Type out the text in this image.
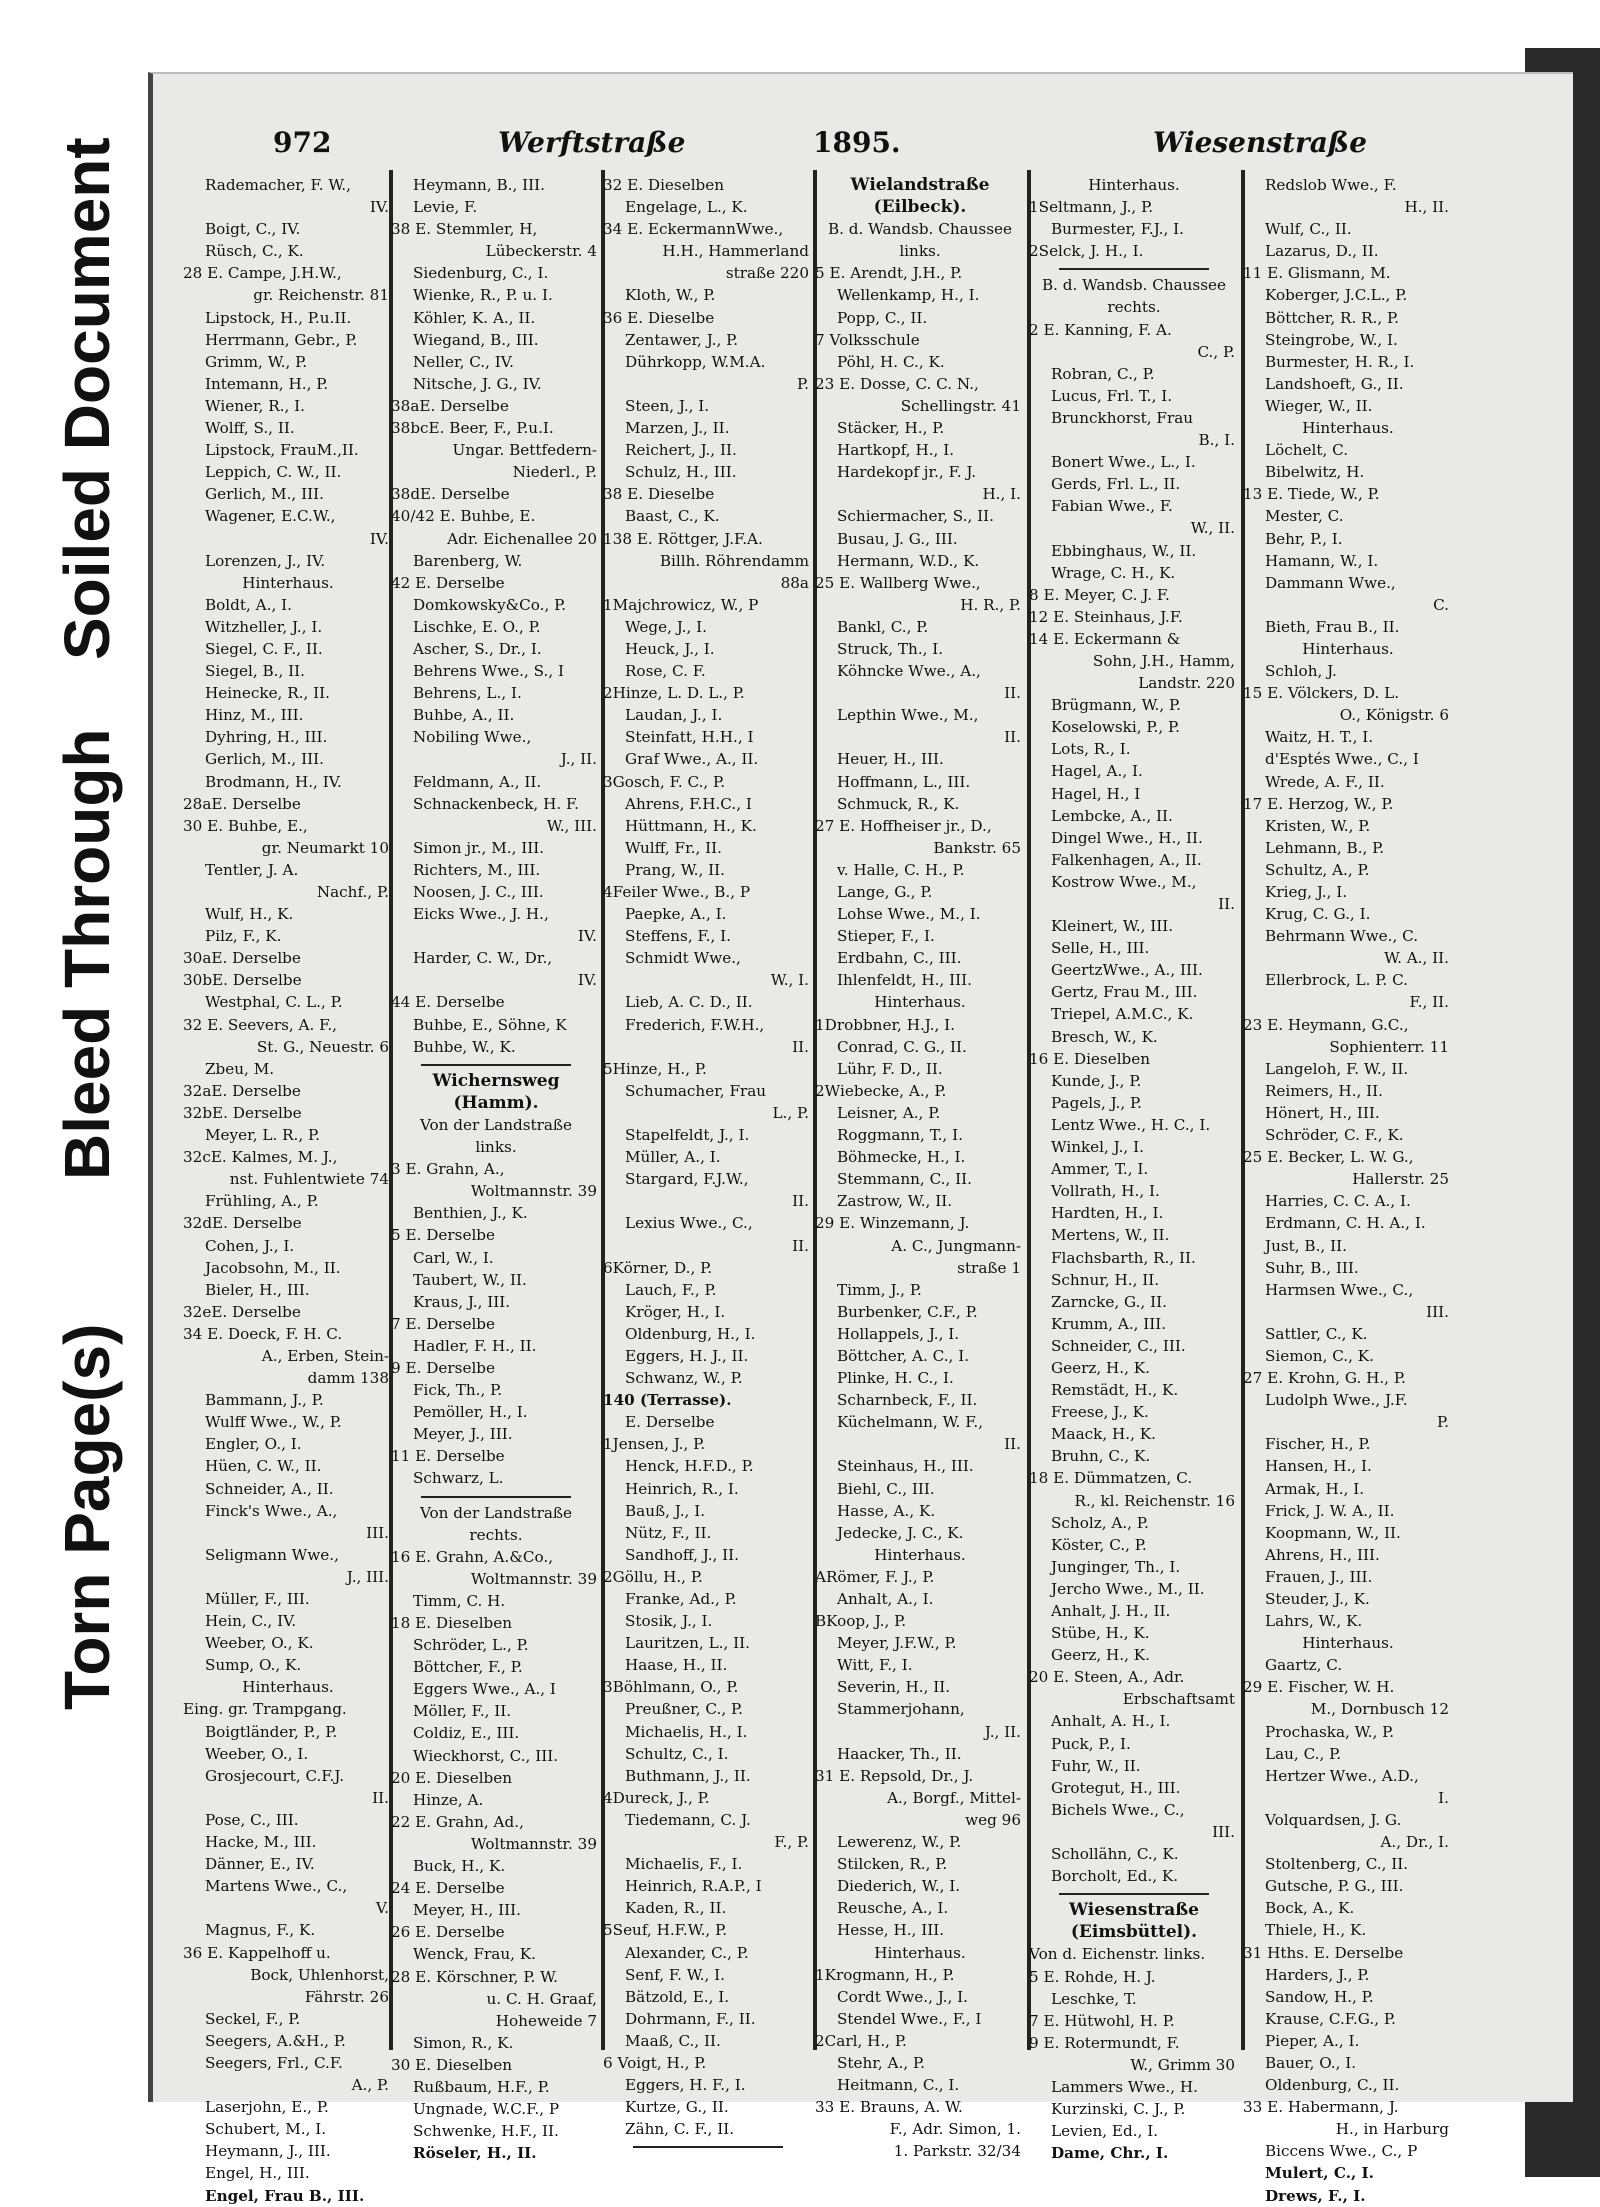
Soiled Document
Bleed Through
Torn Page(s)
972	Werftstraße	1895.	Wiesenstraße
Rademacher, F. W.,
IV.
Boigt, C., IV.
Rüsch, C., K.
28 E. Campe, J.H.W.,
gr. Reichenstr. 81
Lipstock, H., P.u.II.
Herrmann, Gebr., P.
Grimm, W., P.
Intemann, H., P.
Wiener, R., I.
Wolff, S., II.
Lipstock, FrauM.,II.
Leppich, C. W., II.
Gerlich, M., III.
Wagener, E.C.W.,
IV.
Lorenzen, J., IV.
Hinterhaus.
Boldt, A., I.
Witzheller, J., I.
Siegel, C. F., II.
Siegel, B., II.
Heinecke, R., II.
Hinz, M., III.
Dyhring, H., III.
Gerlich, M., III.
Brodmann, H., IV.
28aE. Derselbe
30 E. Buhbe, E.,
gr. Neumarkt 10
Tentler, J. A.
Nachf., P.
Wulf, H., K.
Pilz, F., K.
30aE. Derselbe
30bE. Derselbe
Westphal, C. L., P.
32 E. Seevers, A. F.,
St. G., Neuestr. 6
Zbeu, M.
32aE. Derselbe
32bE. Derselbe
Meyer, L. R., P.
32cE. Kalmes, M. J.,
nst. Fuhlentwiete 74
Frühling, A., P.
32dE. Derselbe
Cohen, J., I.
Jacobsohn, M., II.
Bieler, H., III.
32eE. Derselbe
34 E. Doeck, F. H. C.
A., Erben, Stein-
damm 138
Bammann, J., P.
Wulff Wwe., W., P.
Engler, O., I.
Hüen, C. W., II.
Schneider, A., II.
Finck's Wwe., A.,
III.
Seligmann Wwe.,
J., III.
Müller, F., III.
Hein, C., IV.
Weeber, O., K.
Sump, O., K.
Hinterhaus.
Eing. gr. Trampgang.
Boigtländer, P., P.
Weeber, O., I.
Grosjecourt, C.F.J.
II.
Pose, C., III.
Hacke, M., III.
Dänner, E., IV.
Martens Wwe., C.,
V.
Magnus, F., K.
36 E. Kappelhoff u.
Bock, Uhlenhorst,
Fährstr. 26
Seckel, F., P.
Seegers, A.&H., P.
Seegers, Frl., C.F.
A., P.
Laserjohn, E., P.
Schubert, M., I.
Heymann, J., III.
Engel, H., III.
Engel, Frau B., III.
Heymann, B., III.
Levie, F.
38 E. Stemmler, H,
Lübeckerstr. 4
Siedenburg, C., I.
Wienke, R., P. u. I.
Köhler, K. A., II.
Wiegand, B., III.
Neller, C., IV.
Nitsche, J. G., IV.
38aE. Derselbe
38bcE. Beer, F., P.u.I.
Ungar. Bettfedern-
Niederl., P.
38dE. Derselbe
40/42 E. Buhbe, E.
Adr. Eichenallee 20
Barenberg, W.
42 E. Derselbe
Domkowsky&Co., P.
Lischke, E. O., P.
Ascher, S., Dr., I.
Behrens Wwe., S., I
Behrens, L., I.
Buhbe, A., II.
Nobiling Wwe.,
J., II.
Feldmann, A., II.
Schnackenbeck, H. F.
W., III.
Simon jr., M., III.
Richters, M., III.
Noosen, J. C., III.
Eicks Wwe., J. H.,
IV.
Harder, C. W., Dr.,
IV.
44 E. Derselbe
Buhbe, E., Söhne, K
Buhbe, W., K.
Wichernsweg
(Hamm).
Von der Landstraße
links.
3 E. Grahn, A.,
Woltmannstr. 39
Benthien, J., K.
5 E. Derselbe
Carl, W., I.
Taubert, W., II.
Kraus, J., III.
7 E. Derselbe
Hadler, F. H., II.
9 E. Derselbe
Fick, Th., P.
Pemöller, H., I.
Meyer, J., III.
11 E. Derselbe
Schwarz, L.
Von der Landstraße
rechts.
16 E. Grahn, A.&Co.,
Woltmannstr. 39
Timm, C. H.
18 E. Dieselben
Schröder, L., P.
Böttcher, F., P.
Eggers Wwe., A., I
Möller, F., II.
Coldiz, E., III.
Wieckhorst, C., III.
20 E. Dieselben
Hinze, A.
22 E. Grahn, Ad.,
Woltmannstr. 39
Buck, H., K.
24 E. Derselbe
Meyer, H., III.
26 E. Derselbe
Wenck, Frau, K.
28 E. Körschner, P. W.
u. C. H. Graaf,
Hoheweide 7
Simon, R., K.
30 E. Dieselben
Rußbaum, H.F., P.
Ungnade, W.C.F., P
Schwenke, H.F., II.
Röseler, H., II.
32 E. Dieselben
Engelage, L., K.
34 E. EckermannWwe.,
H.H., Hammerland
straße 220
Kloth, W., P.
36 E. Dieselbe
Zentawer, J., P.
Dührkopp, W.M.A.
P.
Steen, J., I.
Marzen, J., II.
Reichert, J., II.
Schulz, H., III.
38 E. Dieselbe
Baast, C., K.
138 E. Röttger, J.F.A.
Billh. Röhrendamm
88a
1Majchrowicz, W., P
Wege, J., I.
Heuck, J., I.
Rose, C. F.
2Hinze, L. D. L., P.
Laudan, J., I.
Steinfatt, H.H., I
Graf Wwe., A., II.
3Gosch, F. C., P.
Ahrens, F.H.C., I
Hüttmann, H., K.
Wulff, Fr., II.
Prang, W., II.
4Feiler Wwe., B., P
Paepke, A., I.
Steffens, F., I.
Schmidt Wwe.,
W., I.
Lieb, A. C. D., II.
Frederich, F.W.H.,
II.
5Hinze, H., P.
Schumacher, Frau
L., P.
Stapelfeldt, J., I.
Müller, A., I.
Stargard, F.J.W.,
II.
Lexius Wwe., C.,
II.
6Körner, D., P.
Lauch, F., P.
Kröger, H., I.
Oldenburg, H., I.
Eggers, H. J., II.
Schwanz, W., P.
140 (Terrasse).
E. Derselbe
1Jensen, J., P.
Henck, H.F.D., P.
Heinrich, R., I.
Bauß, J., I.
Nütz, F., II.
Sandhoff, J., II.
2Göllu, H., P.
Franke, Ad., P.
Stosik, J., I.
Lauritzen, L., II.
Haase, H., II.
3Böhlmann, O., P.
Preußner, C., P.
Michaelis, H., I.
Schultz, C., I.
Buthmann, J., II.
4Dureck, J., P.
Tiedemann, C. J.
F., P.
Michaelis, F., I.
Heinrich, R.A.P., I
Kaden, R., II.
5Seuf, H.F.W., P.
Alexander, C., P.
Senf, F. W., I.
Bätzold, E., I.
Dohrmann, F., II.
Maaß, C., II.
6 Voigt, H., P.
Eggers, H. F., I.
Kurtze, G., II.
Zähn, C. F., II.
Wielandstraße
(Eilbeck).
B. d. Wandsb. Chaussee
links.
5 E. Arendt, J.H., P.
Wellenkamp, H., I.
Popp, C., II.
7 Volksschule
Pöhl, H. C., K.
23 E. Dosse, C. C. N.,
Schellingstr. 41
Stäcker, H., P.
Hartkopf, H., I.
Hardekopf jr., F. J.
H., I.
Schiermacher, S., II.
Busau, J. G., III.
Hermann, W.D., K.
25 E. Wallberg Wwe.,
H. R., P.
Bankl, C., P.
Struck, Th., I.
Köhncke Wwe., A.,
II.
Lepthin Wwe., M.,
II.
Heuer, H., III.
Hoffmann, L., III.
Schmuck, R., K.
27 E. Hoffheiser jr., D.,
Bankstr. 65
v. Halle, C. H., P.
Lange, G., P.
Lohse Wwe., M., I.
Stieper, F., I.
Erdbahn, C., III.
Ihlenfeldt, H., III.
Hinterhaus.
1Drobbner, H.J., I.
Conrad, C. G., II.
Lühr, F. D., II.
2Wiebecke, A., P.
Leisner, A., P.
Roggmann, T., I.
Böhmecke, H., I.
Stemmann, C., II.
Zastrow, W., II.
29 E. Winzemann, J.
A. C., Jungmann-
straße 1
Timm, J., P.
Burbenker, C.F., P.
Hollappels, J., I.
Böttcher, A. C., I.
Plinke, H. C., I.
Scharnbeck, F., II.
Küchelmann, W. F.,
II.
Steinhaus, H., III.
Biehl, C., III.
Hasse, A., K.
Jedecke, J. C., K.
Hinterhaus.
ARömer, F. J., P.
Anhalt, A., I.
BKoop, J., P.
Meyer, J.F.W., P.
Witt, F., I.
Severin, H., II.
Stammerjohann,
J., II.
Haacker, Th., II.
31 E. Repsold, Dr., J.
A., Borgf., Mittel-
weg 96
Lewerenz, W., P.
Stilcken, R., P.
Diederich, W., I.
Reusche, A., I.
Hesse, H., III.
Hinterhaus.
1Krogmann, H., P.
Cordt Wwe., J., I.
Stendel Wwe., F., I
2Carl, H., P.
Stehr, A., P.
Heitmann, C., I.
33 E. Brauns, A. W.
F., Adr. Simon, 1.
1. Parkstr. 32/34
Hinterhaus.
1Seltmann, J., P.
Burmester, F.J., I.
2Selck, J. H., I.
B. d. Wandsb. Chaussee
rechts.
2 E. Kanning, F. A.
C., P.
Robran, C., P.
Lucus, Frl. T., I.
Brunckhorst, Frau
B., I.
Bonert Wwe., L., I.
Gerds, Frl. L., II.
Fabian Wwe., F.
W., II.
Ebbinghaus, W., II.
Wrage, C. H., K.
8 E. Meyer, C. J. F.
12 E. Steinhaus, J.F.
14 E. Eckermann &
Sohn, J.H., Hamm,
Landstr. 220
Brügmann, W., P.
Koselowski, P., P.
Lots, R., I.
Hagel, A., I.
Hagel, H., I
Lembcke, A., II.
Dingel Wwe., H., II.
Falkenhagen, A., II.
Kostrow Wwe., M.,
II.
Kleinert, W., III.
Selle, H., III.
GeertzWwe., A., III.
Gertz, Frau M., III.
Triepel, A.M.C., K.
Bresch, W., K.
16 E. Dieselben
Kunde, J., P.
Pagels, J., P.
Lentz Wwe., H. C., I.
Winkel, J., I.
Ammer, T., I.
Vollrath, H., I.
Hardten, H., I.
Mertens, W., II.
Flachsbarth, R., II.
Schnur, H., II.
Zarncke, G., II.
Krumm, A., III.
Schneider, C., III.
Geerz, H., K.
Remstädt, H., K.
Freese, J., K.
Maack, H., K.
Bruhn, C., K.
18 E. Dümmatzen, C.
R., kl. Reichenstr. 16
Scholz, A., P.
Köster, C., P.
Junginger, Th., I.
Jercho Wwe., M., II.
Anhalt, J. H., II.
Stübe, H., K.
Geerz, H., K.
20 E. Steen, A., Adr.
Erbschaftsamt
Anhalt, A. H., I.
Puck, P., I.
Fuhr, W., II.
Grotegut, H., III.
Bichels Wwe., C.,
III.
Schollähn, C., K.
Borcholt, Ed., K.
Wiesenstraße
(Eimsbüttel).
Von d. Eichenstr. links.
5 E. Rohde, H. J.
Leschke, T.
7 E. Hütwohl, H. P.
9 E. Rotermundt, F.
W., Grimm 30
Lammers Wwe., H.
Kurzinski, C. J., P.
Levien, Ed., I.
Dame, Chr., I.
Redslob Wwe., F.
H., II.
Wulf, C., II.
Lazarus, D., II.
11 E. Glismann, M.
Koberger, J.C.L., P.
Böttcher, R. R., P.
Steingrobe, W., I.
Burmester, H. R., I.
Landshoeft, G., II.
Wieger, W., II.
Hinterhaus.
Löchelt, C.
Bibelwitz, H.
13 E. Tiede, W., P.
Mester, C.
Behr, P., I.
Hamann, W., I.
Dammann Wwe.,
C.
Bieth, Frau B., II.
Hinterhaus.
Schloh, J.
15 E. Völckers, D. L.
O., Königstr. 6
Waitz, H. T., I.
d'Esptés Wwe., C., I
Wrede, A. F., II.
17 E. Herzog, W., P.
Kristen, W., P.
Lehmann, B., P.
Schultz, A., P.
Krieg, J., I.
Krug, C. G., I.
Behrmann Wwe., C.
W. A., II.
Ellerbrock, L. P. C.
F., II.
23 E. Heymann, G.C.,
Sophienterr. 11
Langeloh, F. W., II.
Reimers, H., II.
Hönert, H., III.
Schröder, C. F., K.
25 E. Becker, L. W. G.,
Hallerstr. 25
Harries, C. C. A., I.
Erdmann, C. H. A., I.
Just, B., II.
Suhr, B., III.
Harmsen Wwe., C.,
III.
Sattler, C., K.
Siemon, C., K.
27 E. Krohn, G. H., P.
Ludolph Wwe., J.F.
P.
Fischer, H., P.
Hansen, H., I.
Armak, H., I.
Frick, J. W. A., II.
Koopmann, W., II.
Ahrens, H., III.
Frauen, J., III.
Steuder, J., K.
Lahrs, W., K.
Hinterhaus.
Gaartz, C.
29 E. Fischer, W. H.
M., Dornbusch 12
Prochaska, W., P.
Lau, C., P.
Hertzer Wwe., A.D.,
I.
Volquardsen, J. G.
A., Dr., I.
Stoltenberg, C., II.
Gutsche, P. G., III.
Bock, A., K.
Thiele, H., K.
31 Hths. E. Derselbe
Harders, J., P.
Sandow, H., P.
Krause, C.F.G., P.
Pieper, A., I.
Bauer, O., I.
Oldenburg, C., II.
33 E. Habermann, J.
H., in Harburg
Biccens Wwe., C., P
Mulert, C., I.
Drews, F., I.
